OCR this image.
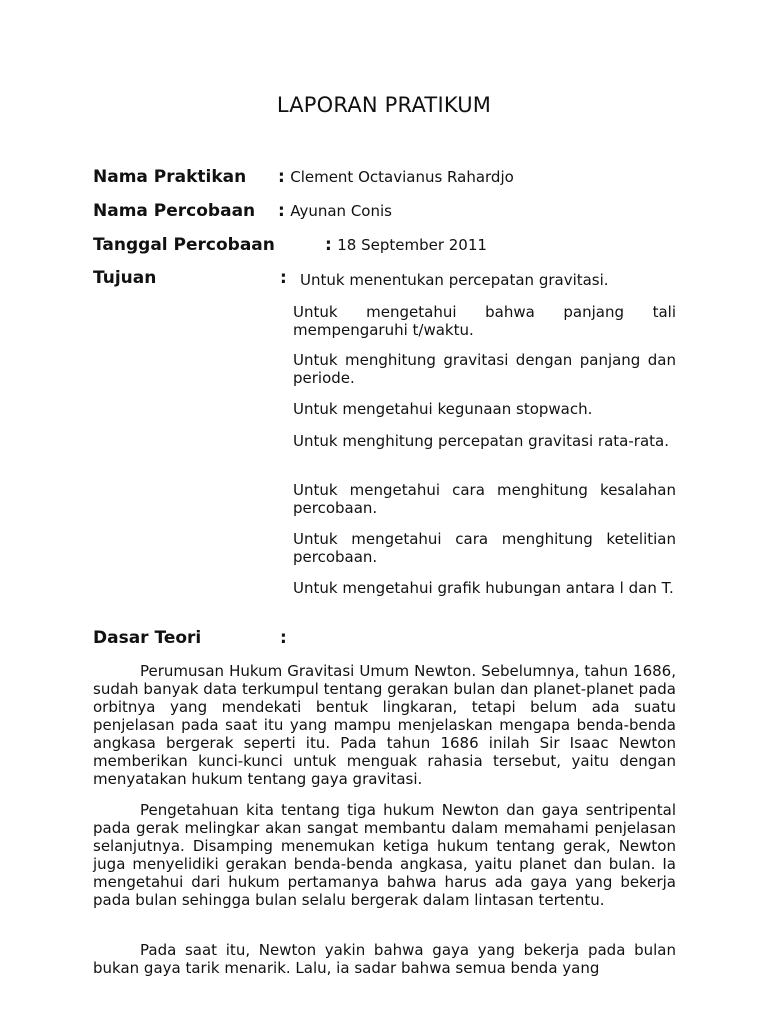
LAPORAN PRATIKUM
Nama Praktikan : Clement Octavianus Rahardjo
Nama Percobaan : Ayunan Conis
Tanggal Percobaan	: 18 September 2011
Tujuan	: Untuk menentukan percepatan gravitasi.
Untuk mengetahui bahwa panjang tali mempengaruhi t/waktu.
Untuk menghitung gravitasi dengan panjang dan periode.
Untuk mengetahui kegunaan stopwach.
Untuk menghitung percepatan gravitasi rata-rata.
Untuk mengetahui cara menghitung kesalahan percobaan.
Untuk mengetahui cara menghitung ketelitian percobaan.
Untuk mengetahui grafik hubungan antara l dan T.
Dasar Teori	:

Perumusan Hukum Gravitasi Umum Newton. Sebelumnya, tahun 1686, sudah banyak data terkumpul tentang gerakan bulan dan planet-planet pada orbitnya yang mendekati bentuk lingkaran, tetapi belum ada suatu penjelasan pada saat itu yang mampu menjelaskan mengapa benda-benda angkasa bergerak seperti itu. Pada tahun 1686 inilah Sir Isaac Newton memberikan kunci-kunci untuk menguak rahasia tersebut, yaitu dengan menyatakan hukum tentang gaya gravitasi.

Pengetahuan kita tentang tiga hukum Newton dan gaya sentripental pada gerak melingkar akan sangat membantu dalam memahami penjelasan selanjutnya. Disamping menemukan ketiga hukum tentang gerak, Newton juga menyelidiki gerakan benda-benda angkasa, yaitu planet dan bulan. Ia mengetahui dari hukum pertamanya bahwa harus ada gaya yang bekerja pada bulan sehingga bulan selalu bergerak dalam lintasan tertentu.

Pada saat itu, Newton yakin bahwa gaya yang bekerja pada bulan bukan gaya tarik menarik. Lalu, ia sadar bahwa semua benda yang
